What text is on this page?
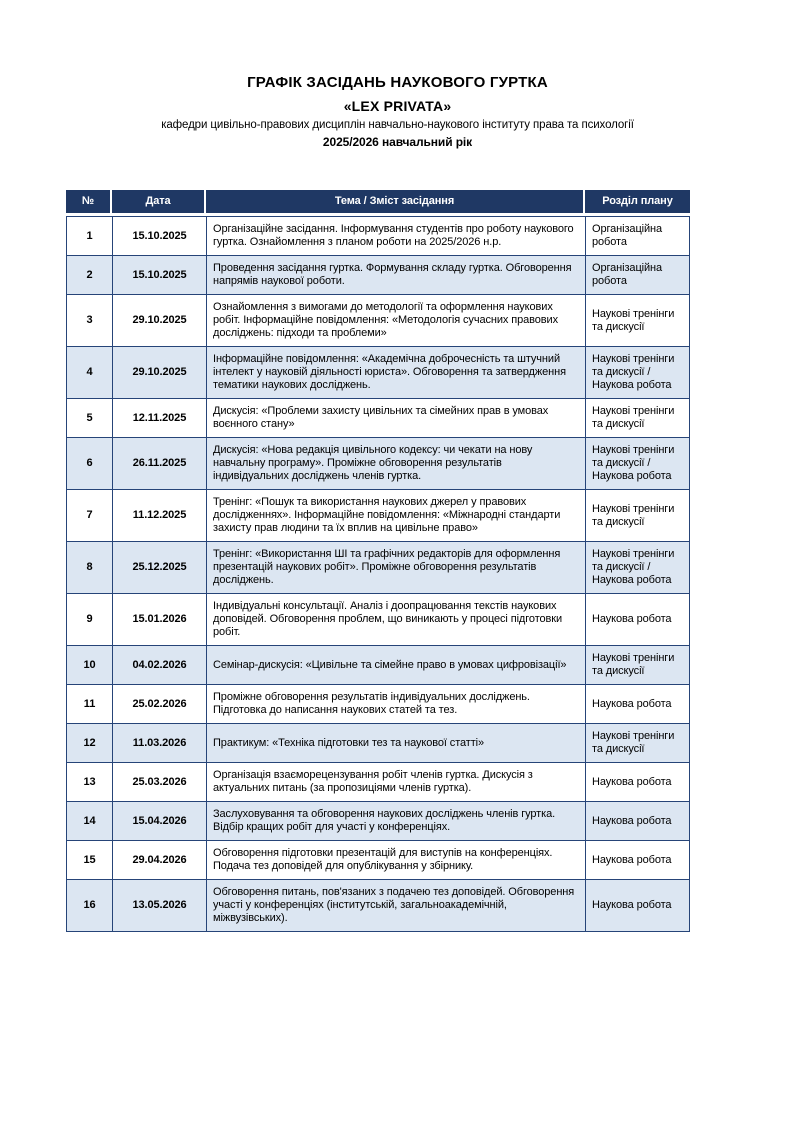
ГРАФІК ЗАСІДАНЬ НАУКОВОГО ГУРТКА
«LEX PRIVATA»
кафедри цивільно-правових дисциплін навчально-наукового інституту права та психології
2025/2026 навчальний рік
№	Дата	Тема / Зміст засідання	Розділ плану
1	15.10.2025	Організаційне засідання. Інформування студентів про роботу наукового гуртка. Ознайомлення з планом роботи на 2025/2026 н.р.	Організаційна робота
2	15.10.2025	Проведення засідання гуртка. Формування складу гуртка. Обговорення напрямів наукової роботи.	Організаційна робота
3	29.10.2025	Ознайомлення з вимогами до методології та оформлення наукових робіт. Інформаційне повідомлення: «Методологія сучасних правових досліджень: підходи та проблеми»	Наукові тренінги та дискусії
4	29.10.2025	Інформаційне повідомлення: «Академічна доброчесність та штучний інтелект у науковій діяльності юриста». Обговорення та затвердження тематики наукових досліджень.	Наукові тренінги та дискусії / Наукова робота
5	12.11.2025	Дискусія: «Проблеми захисту цивільних та сімейних прав в умовах воєнного стану»	Наукові тренінги та дискусії
6	26.11.2025	Дискусія: «Нова редакція цивільного кодексу: чи чекати на нову навчальну програму». Проміжне обговорення результатів індивідуальних досліджень членів гуртка.	Наукові тренінги та дискусії / Наукова робота
7	11.12.2025	Тренінг: «Пошук та використання наукових джерел у правових дослідженнях». Інформаційне повідомлення: «Міжнародні стандарти захисту прав людини та їх вплив на цивільне право»	Наукові тренінги та дискусії
8	25.12.2025	Тренінг: «Використання ШІ та графічних редакторів для оформлення презентацій наукових робіт». Проміжне обговорення результатів досліджень.	Наукові тренінги та дискусії / Наукова робота
9	15.01.2026	Індивідуальні консультації. Аналіз і доопрацювання текстів наукових доповідей. Обговорення проблем, що виникають у процесі підготовки робіт.	Наукова робота
10	04.02.2026	Семінар-дискусія: «Цивільне та сімейне право в умовах цифровізації»	Наукові тренінги та дискусії
11	25.02.2026	Проміжне обговорення результатів індивідуальних досліджень. Підготовка до написання наукових статей та тез.	Наукова робота
12	11.03.2026	Практикум: «Техніка підготовки тез та наукової статті»	Наукові тренінги та дискусії
13	25.03.2026	Організація взаєморецензування робіт членів гуртка. Дискусія з актуальних питань (за пропозиціями членів гуртка).	Наукова робота
14	15.04.2026	Заслуховування та обговорення наукових досліджень членів гуртка. Відбір кращих робіт для участі у конференціях.	Наукова робота
15	29.04.2026	Обговорення підготовки презентацій для виступів на конференціях. Подача тез доповідей для опублікування у збірнику.	Наукова робота
16	13.05.2026	Обговорення питань, пов'язаних з подачею тез доповідей. Обговорення участі у конференціях (інститутській, загальноакадемічній, міжвузівських).	Наукова робота
